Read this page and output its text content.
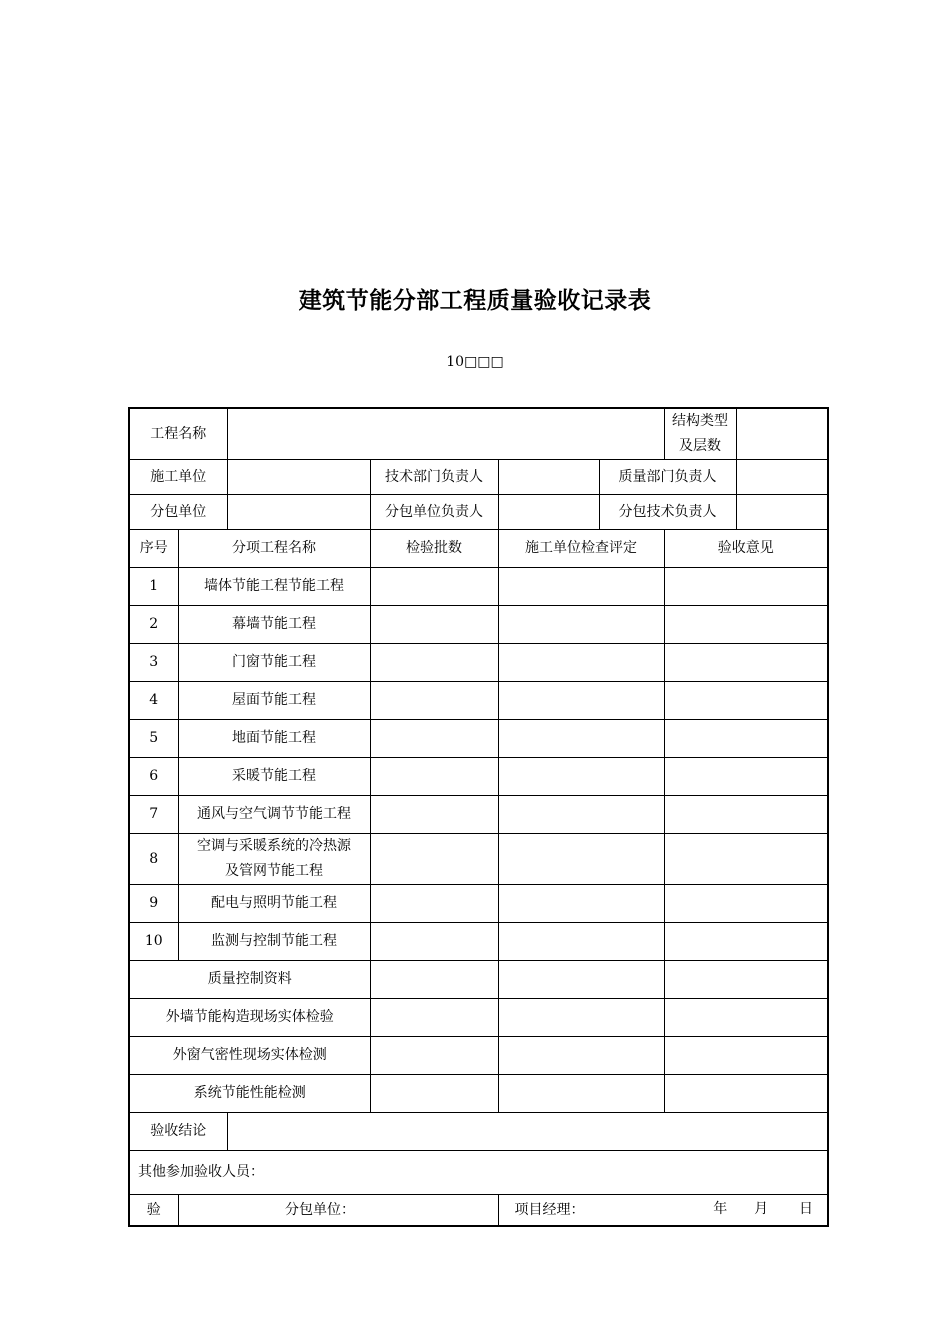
建筑节能分部工程质量验收记录表
10□□□
工程名称						结构类型及层数	
施工单位			技术部门负责人		质量部门负责人		
分包单位			分包单位负责人		分包技术负责人		
序号	分项工程名称		检验批数	施工单位检查评定		验收意见	
1	墙体节能工程节能工程						
2	幕墙节能工程						
3	门窗节能工程						
4	屋面节能工程						
5	地面节能工程						
6	采暖节能工程						
7	通风与空气调节节能工程						
8	空调与采暖系统的冷热源及管网节能工程						
9	配电与照明节能工程						
10	监测与控制节能工程						
质量控制资料							
外墙节能构造现场实体检验							
外窗气密性现场实体检测							
系统节能性能检测							
验收结论							
其他参加验收人员：							
验	分包单位：			项目经理： 年 月 日			
